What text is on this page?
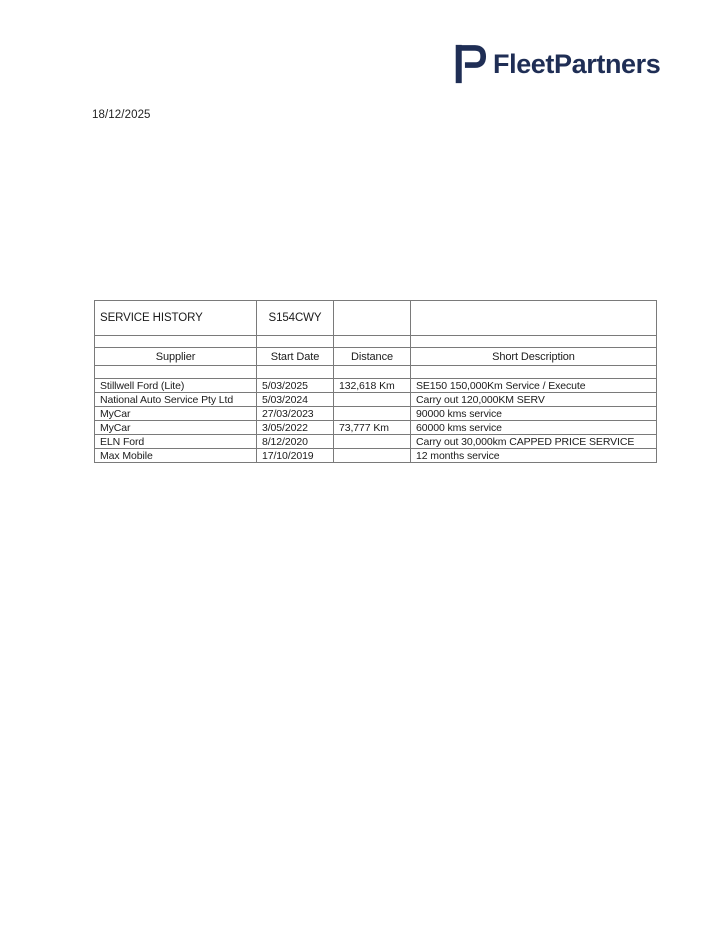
FleetPartners
18/12/2025
SERVICE HISTORY	S154CWY		

Supplier	Start Date	Distance	Short Description

Stillwell Ford (Lite)	5/03/2025	132,618 Km	SE150 150,000Km Service / Execute
National Auto Service Pty Ltd	5/03/2024		Carry out 120,000KM SERV
MyCar	27/03/2023		90000 kms service
MyCar	3/05/2022	73,777 Km	60000 kms service
ELN Ford	8/12/2020		Carry out 30,000km CAPPED PRICE SERVICE
Max Mobile	17/10/2019		12 months service
